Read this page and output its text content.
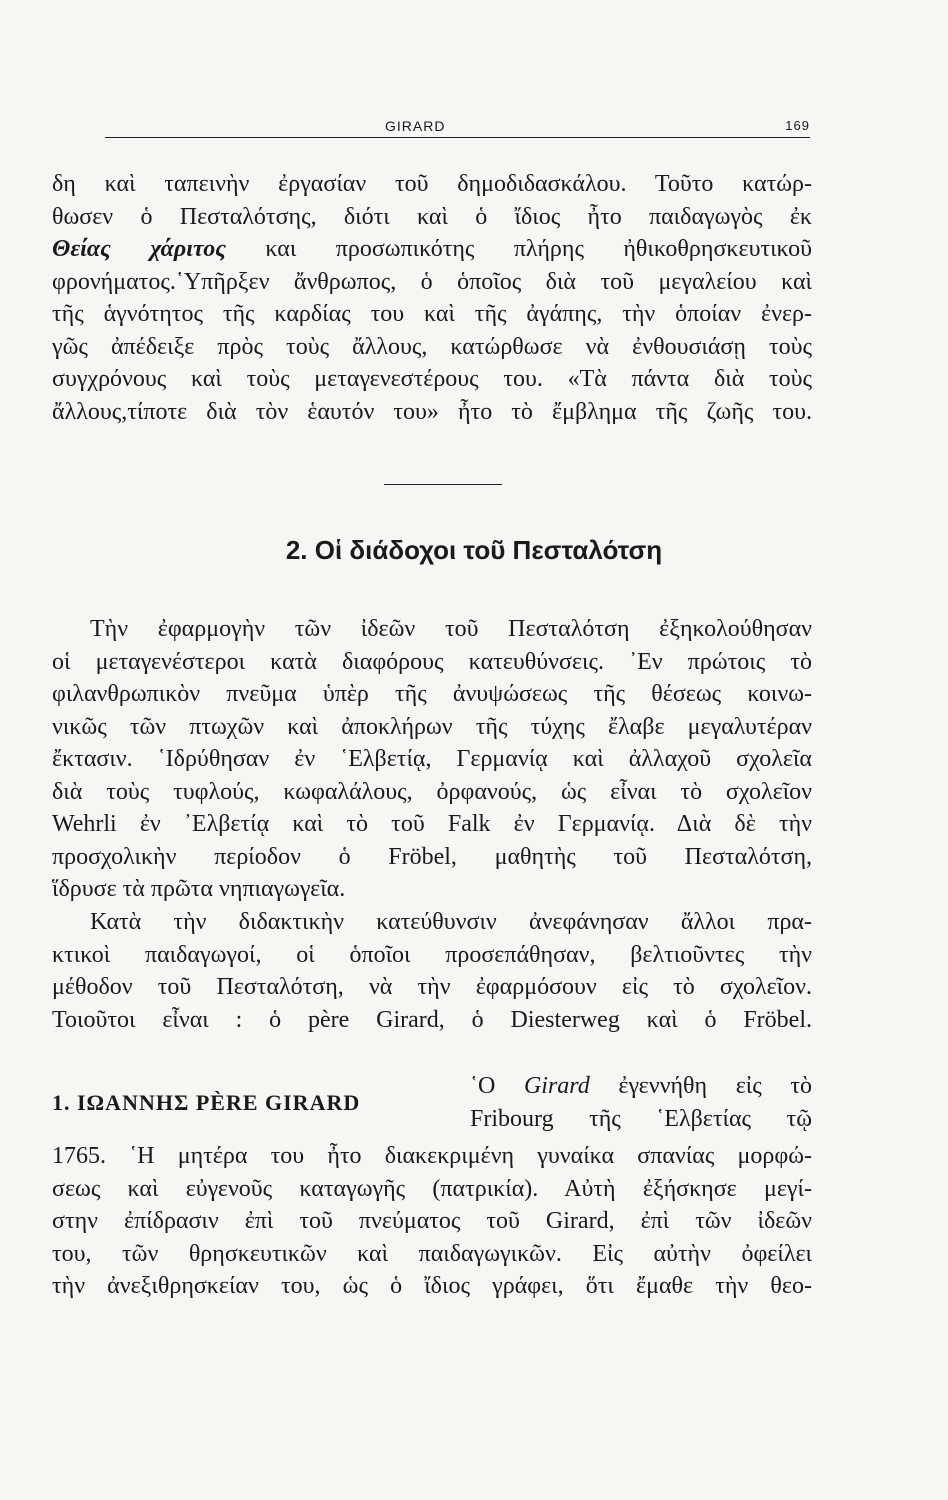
GIRARD	169
δη καὶ ταπεινὴν ἐργασίαν τοῦ δημοδιδασκάλου. Τοῦτο κατώρ-
θωσεν ὁ Πεσταλότσης, διότι καὶ ὁ ἴδιος ἦτο παιδαγωγὸς ἐκ
Θείας χάριτος και προσωπικότης πλήρης ἠθικοθρησκευτικοῦ
φρονήματος.῾Υπῆρξεν ἄνθρωπος, ὁ ὁποῖος διὰ τοῦ μεγαλείου καὶ
τῆς ἁγνότητος τῆς καρδίας του καὶ τῆς ἀγάπης, τὴν ὁποίαν ἐνερ-
γῶς ἀπέδειξε πρὸς τοὺς ἄλλους, κατώρθωσε νὰ ἐνθουσιάσῃ τοὺς
συγχρόνους καὶ τοὺς μεταγενεστέρους του. «Τὰ πάντα διὰ τοὺς
ἄλλους,τίποτε διὰ τὸν ἑαυτόν του» ἦτο τὸ ἔμβλημα τῆς ζωῆς του.
2. Οἱ διάδοχοι τοῦ Πεσταλότση
Τὴν ἐφαρμογὴν τῶν ἰδεῶν τοῦ Πεσταλότση ἐξηκολούθησαν
οἱ μεταγενέστεροι κατὰ διαφόρους κατευθύνσεις. ᾿Εν πρώτοις τὸ
φιλανθρωπικὸν πνεῦμα ὑπὲρ τῆς ἀνυψώσεως τῆς θέσεως κοινω-
νικῶς τῶν πτωχῶν καὶ ἀποκλήρων τῆς τύχης ἔλαβε μεγαλυτέραν
ἔκτασιν. ῾Ιδρύθησαν ἐν ῾Ελβετίᾳ, Γερμανίᾳ καὶ ἀλλαχοῦ σχολεῖα
διὰ τοὺς τυφλούς, κωφαλάλους, ὀρφανούς, ὡς εἶναι τὸ σχολεῖον
Wehrli ἐν ᾿Ελβετίᾳ καὶ τὸ τοῦ Falk ἐν Γερμανίᾳ. Διὰ δὲ τὴν
προσχολικὴν περίοδον ὁ Fröbel, μαθητὴς τοῦ Πεσταλότση,
ἵδρυσε τὰ πρῶτα νηπιαγωγεῖα.
Κατὰ τὴν διδακτικὴν κατεύθυνσιν ἀνεφάνησαν ἄλλοι πρα-
κτικοὶ παιδαγωγοί, οἱ ὁποῖοι προσεπάθησαν, βελτιοῦντες τὴν
μέθοδον τοῦ Πεσταλότση, νὰ τὴν ἐφαρμόσουν εἰς τὸ σχολεῖον.
Τοιοῦτοι εἶναι : ὁ père Girard, ὁ Diesterweg καὶ ὁ Fröbel.
1. ΙΩΑΝΝΗΣ PÈRE GIRARD
῾Ο Girard ἐγεννήθη εἰς τὸ
Fribourg τῆς ῾Ελβετίας τῷ
1765. ῾Η μητέρα του ἦτο διακεκριμένη γυναίκα σπανίας μορφώ-
σεως καὶ εὐγενοῦς καταγωγῆς (πατρικία). Αὐτὴ ἐξήσκησε μεγί-
στην ἐπίδρασιν ἐπὶ τοῦ πνεύματος τοῦ Girard, ἐπὶ τῶν ἰδεῶν
του, τῶν θρησκευτικῶν καὶ παιδαγωγικῶν. Εἰς αὐτὴν ὀφείλει
τὴν ἀνεξιθρησκείαν του, ὡς ὁ ἴδιος γράφει, ὅτι ἔμαθε τὴν θεο-
